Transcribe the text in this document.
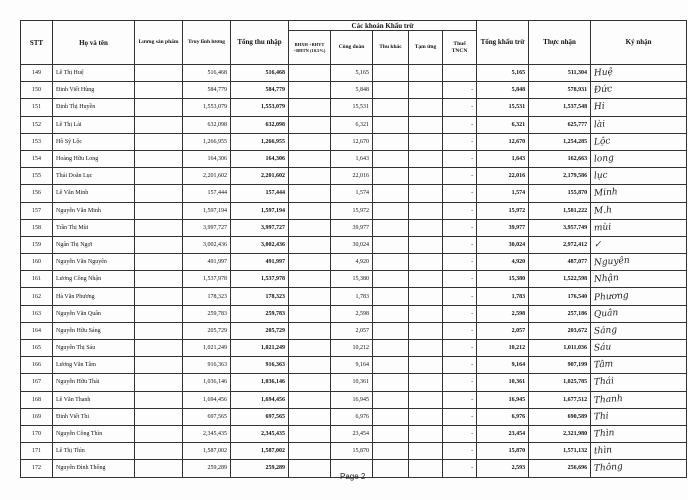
STT	Họ và tên	Lương sản phẩm	Truy lĩnh lương	Tổng thu nhập	Các khoản Khấu trừ					Tổng khấu trừ	Thực nhận	Ký nhận
					BHXH +BHYT +BHTN (10.5%)	Công đoàn	Thu khác	Tạm ứng	Thuế TNCN			
149	Lê Thị Huệ		516,468	516,468		5,165				5,165	511,304	Huệ
150	Đinh Viết Hùng		584,779	584,779		5,848			-	5,848	578,931	Đức
151	Đinh Thị Huyền		1,553,079	1,553,079		15,531			-	15,531	1,537,548	Hi
152	Lê Thị Lài		632,098	632,098		6,321			-	6,321	625,777	lài
153	Hồ Sỹ Lộc		1,266,955	1,266,955		12,670			-	12,670	1,254,285	Lộc
154	Hoàng Hữu Long		164,306	164,306		1,643			-	1,643	162,663	long
155	Thái Doãn Lục		2,201,602	2,201,602		22,016			-	22,016	2,179,586	lục
156	Lê Văn Minh		157,444	157,444		1,574			-	1,574	155,870	Minh
157	Nguyễn Văn Minh		1,597,194	1,597,194		15,972			-	15,972	1,581,222	M.h
158	Trần Thị Mùi		3,997,727	3,997,727		39,977			-	39,977	3,957,749	mùi
159	Ngân Thị Ngợi		3,002,436	3,002,436		30,024			-	30,024	2,972,412	✓
160	Nguyễn Văn Nguyên		491,997	491,997		4,920			-	4,920	487,077	Nguyên
161	Lương Công Nhận		1,537,978	1,537,978		15,380			-	15,380	1,522,598	Nhận
162	Hà Văn Phương		178,323	178,323		1,783			-	1,783	176,540	Phương
163	Nguyễn Văn Quân		259,783	259,783		2,598			-	2,598	257,186	Quân
164	Nguyễn Hữu Sáng		205,729	205,729		2,057			-	2,057	203,672	Sáng
165	Nguyễn Thị Sáu		1,021,249	1,021,249		10,212			-	10,212	1,011,036	Sáu
166	Lương Văn Tâm		916,363	916,363		9,164			-	9,164	907,199	Tâm
167	Nguyễn Hữu Thái		1,036,146	1,036,146		10,361			-	10,361	1,025,785	Thái
168	Lê Văn Thanh		1,694,456	1,694,456		16,945			-	16,945	1,677,512	Thanh
169	Đinh Viết Thi		697,565	697,565		6,976			-	6,976	690,589	Thi
170	Nguyễn Công Thìn		2,345,435	2,345,435		23,454			-	23,454	2,321,980	Thìn
171	Lê Thị Thìn		1,587,002	1,587,002		15,870			-	15,870	1,571,132	thìn
172	Nguyễn Đình Thông		259,289	259,289					-	2,593	256,696	Thông
Page 2
